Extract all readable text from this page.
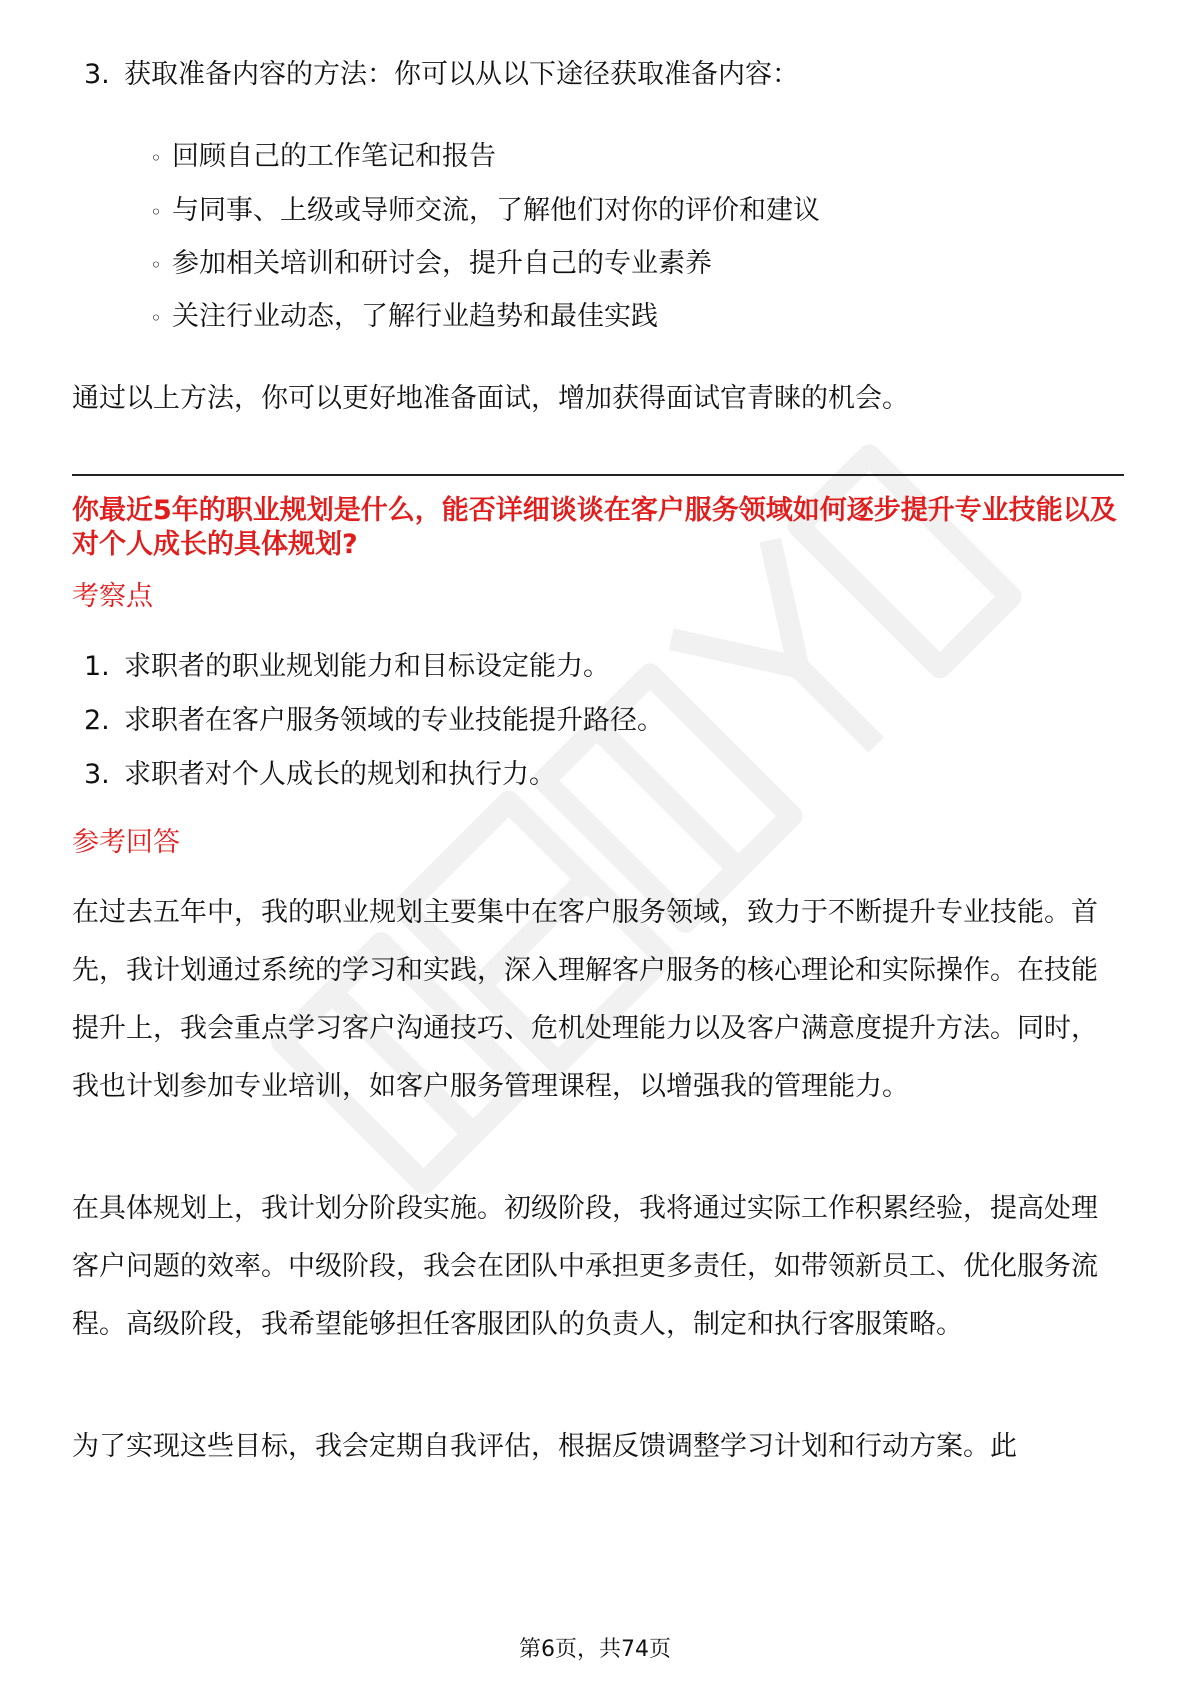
3. 获取准备内容的方法：你可以从以下途径获取准备内容：
◦ 回顾自己的工作笔记和报告
◦ 与同事、上级或导师交流，了解他们对你的评价和建议
◦ 参加相关培训和研讨会，提升自己的专业素养
◦ 关注行业动态，了解行业趋势和最佳实践
通过以上方法，你可以更好地准备面试，增加获得面试官青睐的机会。
你最近5年的职业规划是什么，能否详细谈谈在客户服务领域如何逐步提升专业技能以及对个人成长的具体规划?
考察点
1. 求职者的职业规划能力和目标设定能力。
2. 求职者在客户服务领域的专业技能提升路径。
3. 求职者对个人成长的规划和执行力。
参考回答
在过去五年中，我的职业规划主要集中在客户服务领域，致力于不断提升专业技能。首先，我计划通过系统的学习和实践，深入理解客户服务的核心理论和实际操作。在技能提升上，我会重点学习客户沟通技巧、危机处理能力以及客户满意度提升方法。同时，我也计划参加专业培训，如客户服务管理课程，以增强我的管理能力。
在具体规划上，我计划分阶段实施。初级阶段，我将通过实际工作积累经验，提高处理客户问题的效率。中级阶段，我会在团队中承担更多责任，如带领新员工、优化服务流程。高级阶段，我希望能够担任客服团队的负责人，制定和执行客服策略。
为了实现这些目标，我会定期自我评估，根据反馈调整学习计划和行动方案。此
第6页，共74页
